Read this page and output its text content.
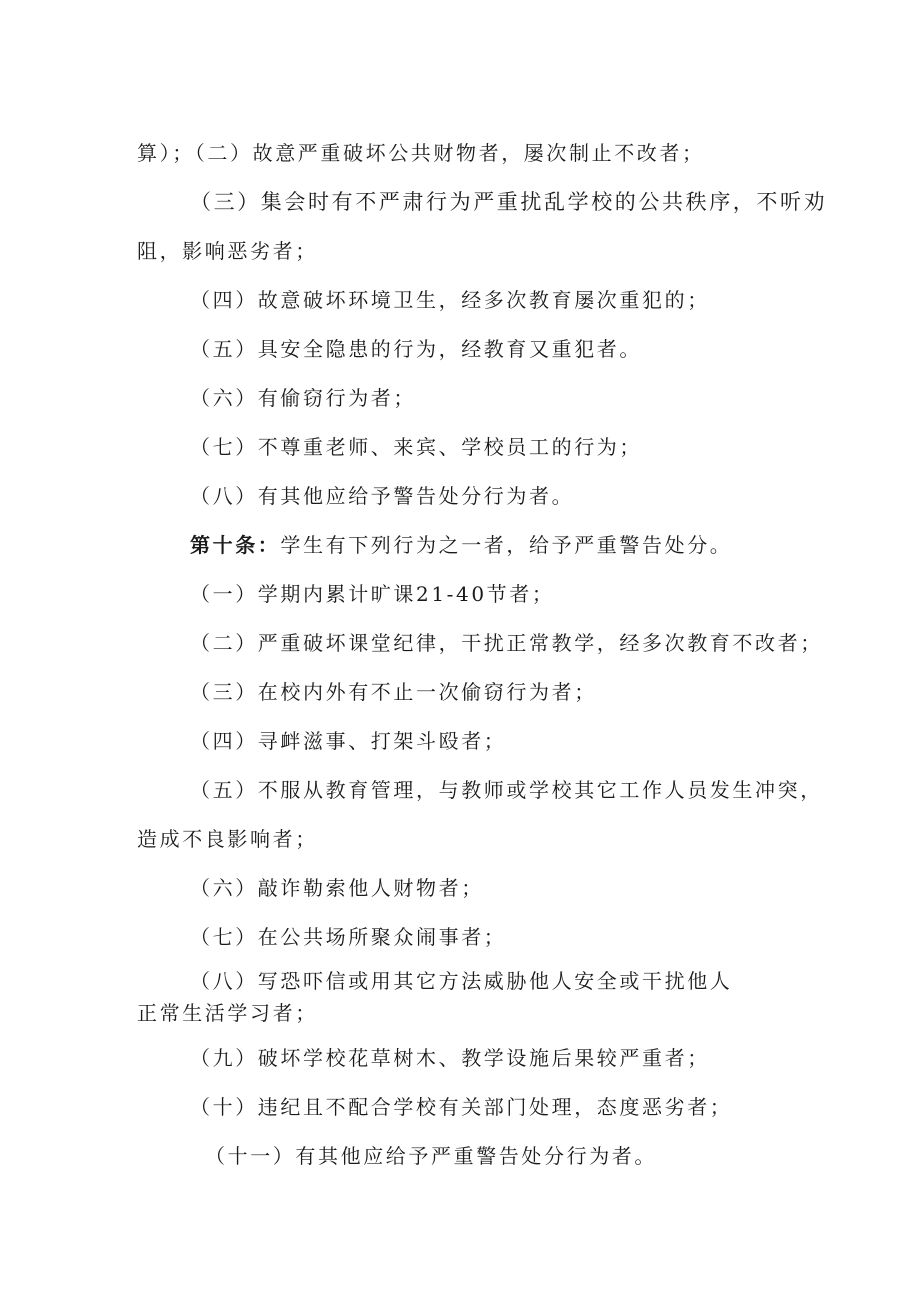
算）；（二）故意严重破坏公共财物者，屡次制止不改者；
（三）集会时有不严肃行为严重扰乱学校的公共秩序，不听劝
阻，影响恶劣者；
（四）故意破坏环境卫生，经多次教育屡次重犯的；
（五）具安全隐患的行为，经教育又重犯者。
（六）有偷窃行为者；
（七）不尊重老师、来宾、学校员工的行为；
（八）有其他应给予警告处分行为者。
第十条：学生有下列行为之一者，给予严重警告处分。
（一）学期内累计旷课21-40节者；
（二）严重破坏课堂纪律，干扰正常教学，经多次教育不改者；
（三）在校内外有不止一次偷窃行为者；
（四）寻衅滋事、打架斗殴者；
（五）不服从教育管理，与教师或学校其它工作人员发生冲突，
造成不良影响者；
（六）敲诈勒索他人财物者；
（七）在公共场所聚众闹事者；
（八）写恐吓信或用其它方法威胁他人安全或干扰他人
正常生活学习者；
（九）破坏学校花草树木、教学设施后果较严重者；
（十）违纪且不配合学校有关部门处理，态度恶劣者；
（十一）有其他应给予严重警告处分行为者。
